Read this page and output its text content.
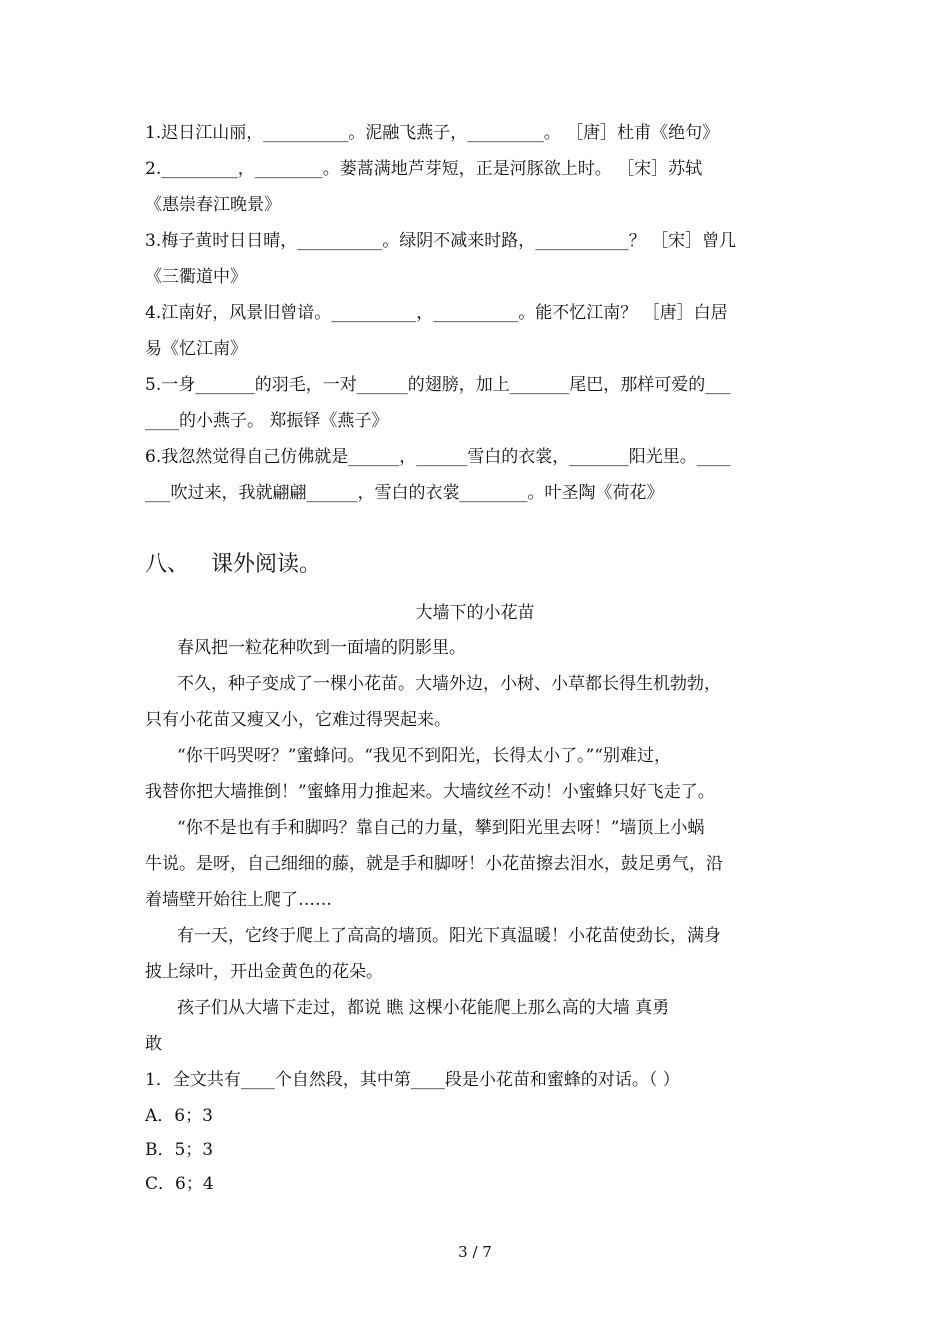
1.迟日江山丽，__________。泥融飞燕子，_________。 ［唐］杜甫《绝句》
2._________，________。蒌蒿满地芦芽短，正是河豚欲上时。 ［宋］苏轼
《惠崇春江晚景》
3.梅子黄时日日晴，__________。绿阴不减来时路，___________？ ［宋］曾几
《三衢道中》
4.江南好，风景旧曾谙。__________，__________。能不忆江南？ ［唐］白居
易《忆江南》
5.一身_______的羽毛，一对______的翅膀，加上_______尾巴，那样可爱的___
____的小燕子。 郑振铎《燕子》
6.我忽然觉得自己仿佛就是______，______雪白的衣裳，_______阳光里。____
___吹过来，我就翩翩______，雪白的衣裳________。叶圣陶《荷花》
八、 课外阅读。
大墙下的小花苗
春风把一粒花种吹到一面墙的阴影里。
不久，种子变成了一棵小花苗。大墙外边，小树、小草都长得生机勃勃，
只有小花苗又瘦又小，它难过得哭起来。
“你干吗哭呀？”蜜蜂问。“我见不到阳光，长得太小了。”“别难过，
我替你把大墙推倒！”蜜蜂用力推起来。大墙纹丝不动！小蜜蜂只好飞走了。
“你不是也有手和脚吗？靠自己的力量，攀到阳光里去呀！”墙顶上小蜗
牛说。是呀，自己细细的藤，就是手和脚呀！小花苗擦去泪水，鼓足勇气，沿
着墙壁开始往上爬了……
有一天，它终于爬上了高高的墙顶。阳光下真温暖！小花苗使劲长，满身
披上绿叶，开出金黄色的花朵。
孩子们从大墙下走过，都说 瞧 这棵小花能爬上那么高的大墙 真勇
敢
1．全文共有____个自然段，其中第____段是小花苗和蜜蜂的对话。（ ）
A．6；3
B．5；3
C．6；4
3 / 7
